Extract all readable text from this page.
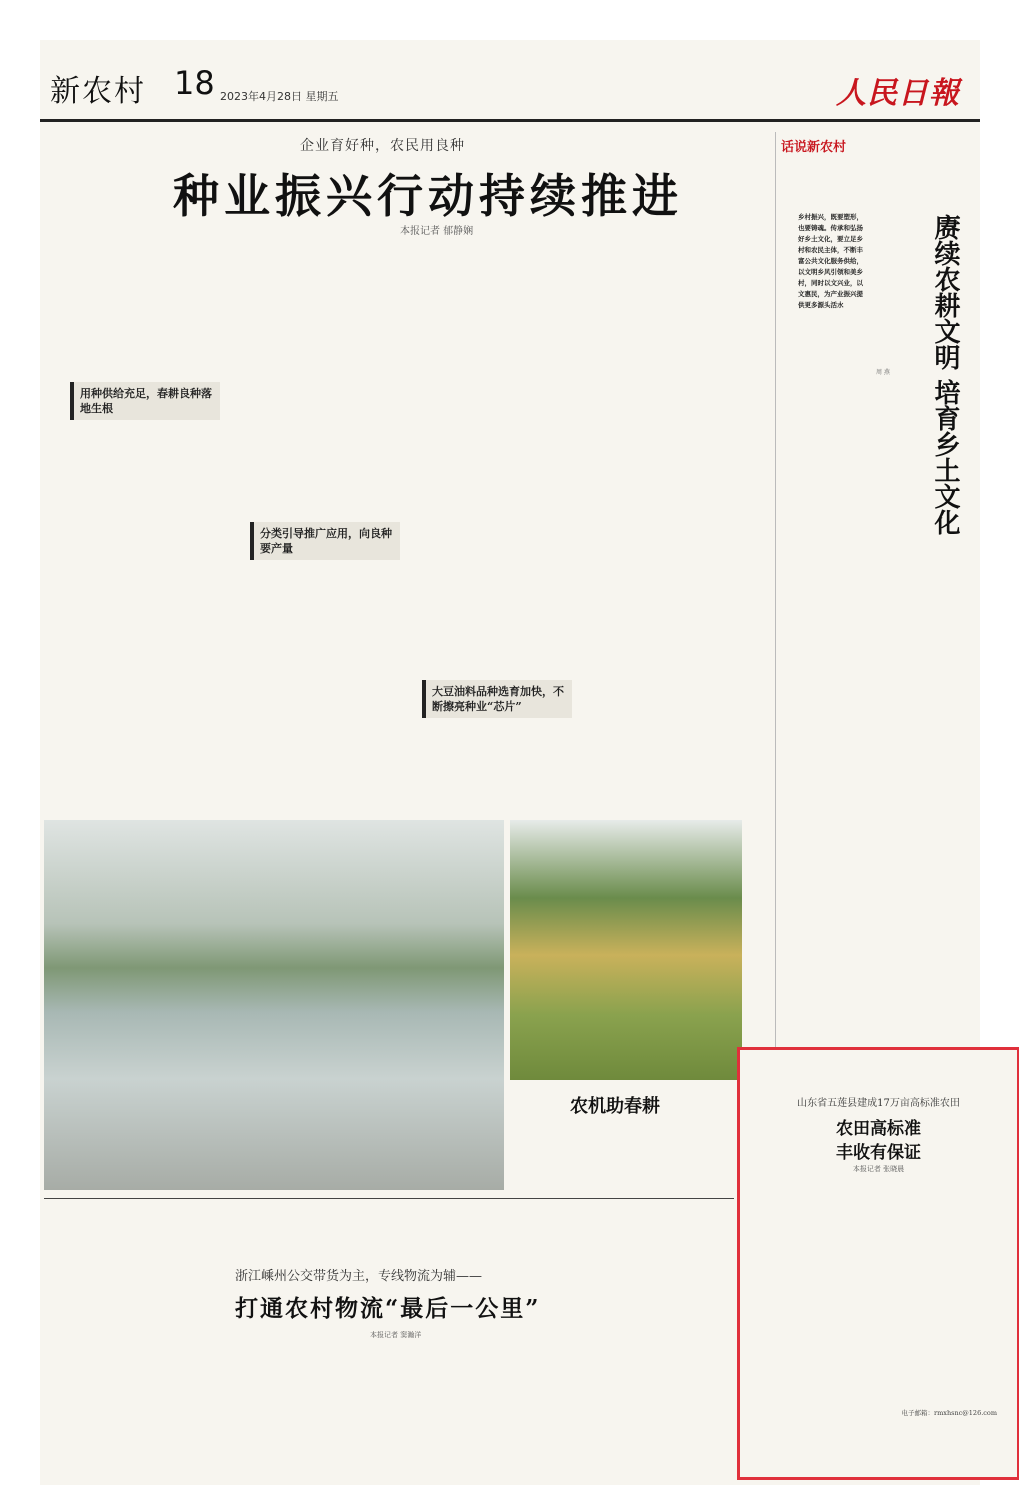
新农村 18 2023年4月28日 星期五	人民日報
企业育好种，农民用良种
种业振兴行动持续推进
本报记者 郁静娴
用种供给充足，春耕良种落地生根
分类引导推广应用，向良种要产量
大豆油料品种选育加快，不断擦亮种业“芯片”
话说新农村
乡村振兴，既要塑形，也要铸魂。传承和弘扬好乡土文化，要立足乡村和农民主体，不断丰富公共文化服务供给，以文明乡风引领和美乡村，同时以文兴业，以文惠民，为产业振兴提供更多源头活水	赓续农耕文明 培育乡土文化
周 燕
农机助春耕
浙江嵊州公交带货为主，专线物流为辅——
打通农村物流“最后一公里”
本报记者 窦瀚洋
山东省五莲县建成17万亩高标准农田
农田高标准
丰收有保证
本报记者 张晓晨
电子邮箱：rmxhsnc@126.com
